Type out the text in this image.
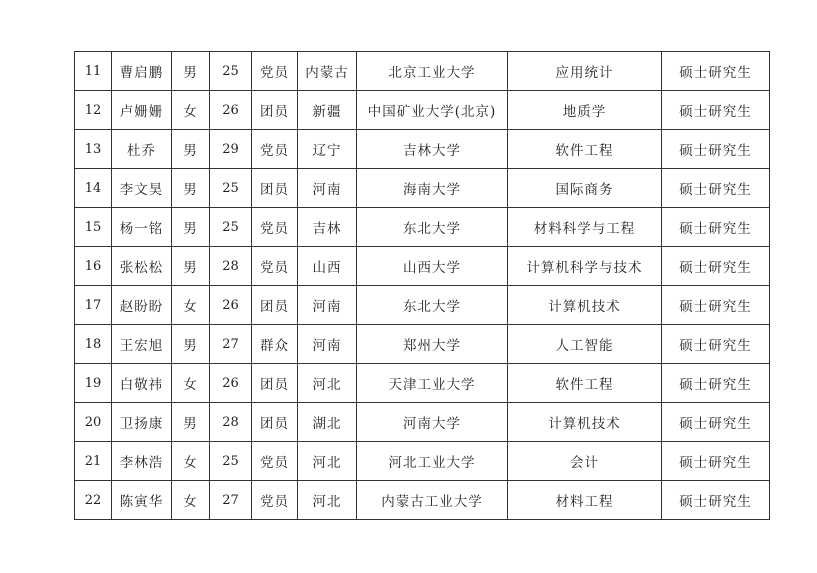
11	曹启鹏	男	25	党员	内蒙古	北京工业大学	应用统计	硕士研究生
12	卢姗姗	女	26	团员	新疆	中国矿业大学(北京)	地质学	硕士研究生
13	杜乔	男	29	党员	辽宁	吉林大学	软件工程	硕士研究生
14	李文昊	男	25	团员	河南	海南大学	国际商务	硕士研究生
15	杨一铭	男	25	党员	吉林	东北大学	材料科学与工程	硕士研究生
16	张松松	男	28	党员	山西	山西大学	计算机科学与技术	硕士研究生
17	赵盼盼	女	26	团员	河南	东北大学	计算机技术	硕士研究生
18	王宏旭	男	27	群众	河南	郑州大学	人工智能	硕士研究生
19	白敬祎	女	26	团员	河北	天津工业大学	软件工程	硕士研究生
20	卫扬康	男	28	团员	湖北	河南大学	计算机技术	硕士研究生
21	李林浩	女	25	党员	河北	河北工业大学	会计	硕士研究生
22	陈寅华	女	27	党员	河北	内蒙古工业大学	材料工程	硕士研究生
